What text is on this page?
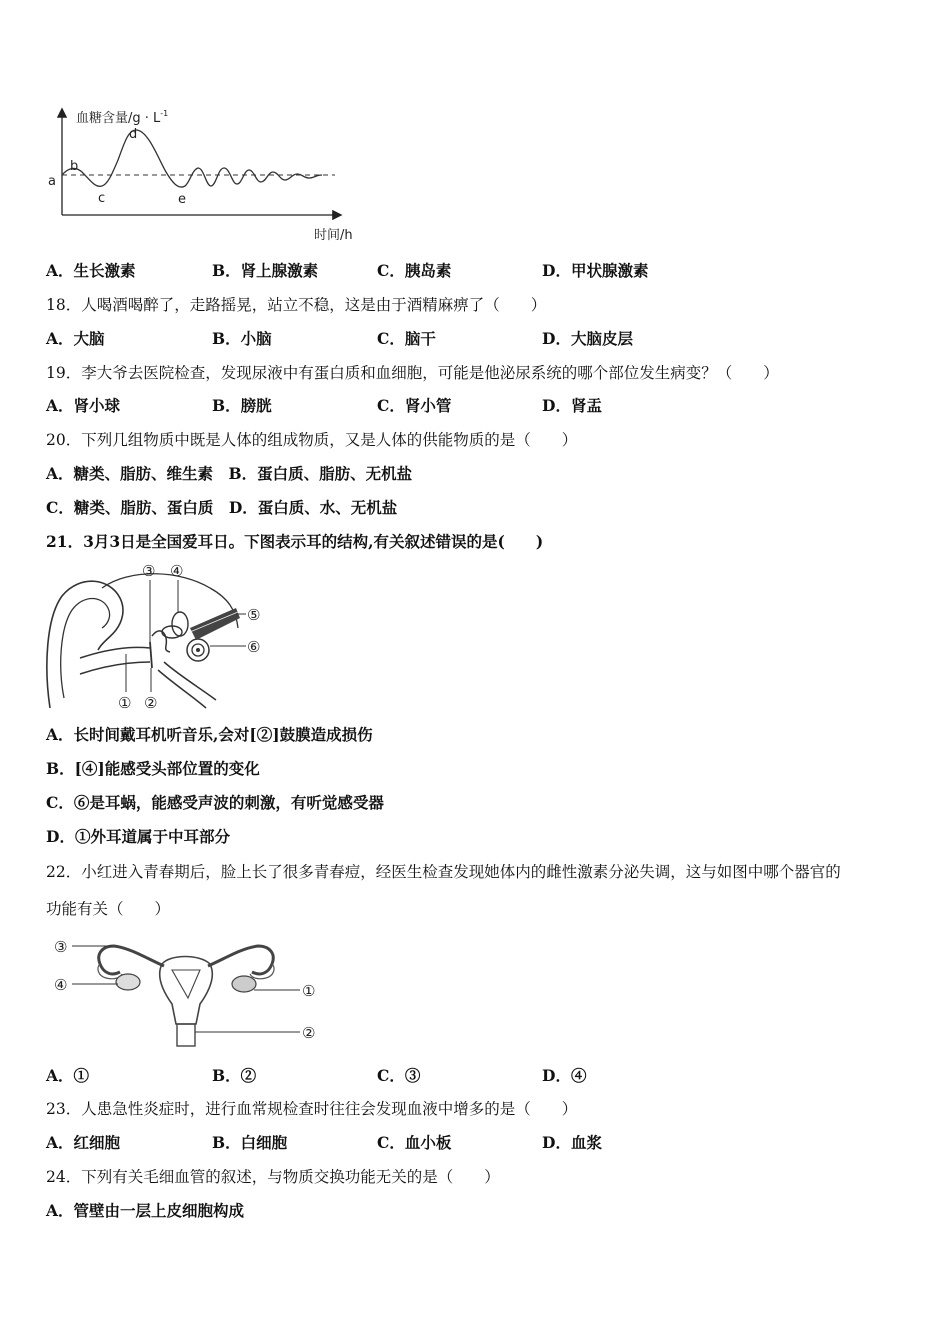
血糖含量$/g \cdot L^{-1}$
a
b
c
d
e
时间/h
A．生长激素	B．肾上腺激素	C．胰岛素	D．甲状腺激素
18．人喝酒喝醉了，走路摇晃，站立不稳，这是由于酒精麻痹了（　　）
A．大脑	B．小脑	C．脑干	D．大脑皮层
19．李大爷去医院检查，发现尿液中有蛋白质和血细胞，可能是他泌尿系统的哪个部位发生病变？（　　）
A．肾小球	B．膀胱	C．肾小管	D．肾盂
20．下列几组物质中既是人体的组成物质，又是人体的供能物质的是（　　）
A．糖类、脂肪、维生素　B．蛋白质、脂肪、无机盐
C．糖类、脂肪、蛋白质　D．蛋白质、水、无机盐
21．3月3日是全国爱耳日。下图表示耳的结构,有关叙述错误的是(　　)
③ ④
⑤
⑥
① ②
A．长时间戴耳机听音乐,会对[②]鼓膜造成损伤
B．[④]能感受头部位置的变化
C．⑥是耳蜗，能感受声波的刺激，有听觉感受器
D．①外耳道属于中耳部分
22．小红进入青春期后，脸上长了很多青春痘，经医生检查发现她体内的雌性激素分泌失调，这与如图中哪个器官的
功能有关（　　）
③
④	①
②
A．①	B．②	C．③	D．④
23．人患急性炎症时，进行血常规检查时往往会发现血液中增多的是（　　）
A．红细胞	B．白细胞	C．血小板	D．血浆
24．下列有关毛细血管的叙述，与物质交换功能无关的是（　　）
A．管壁由一层上皮细胞构成
